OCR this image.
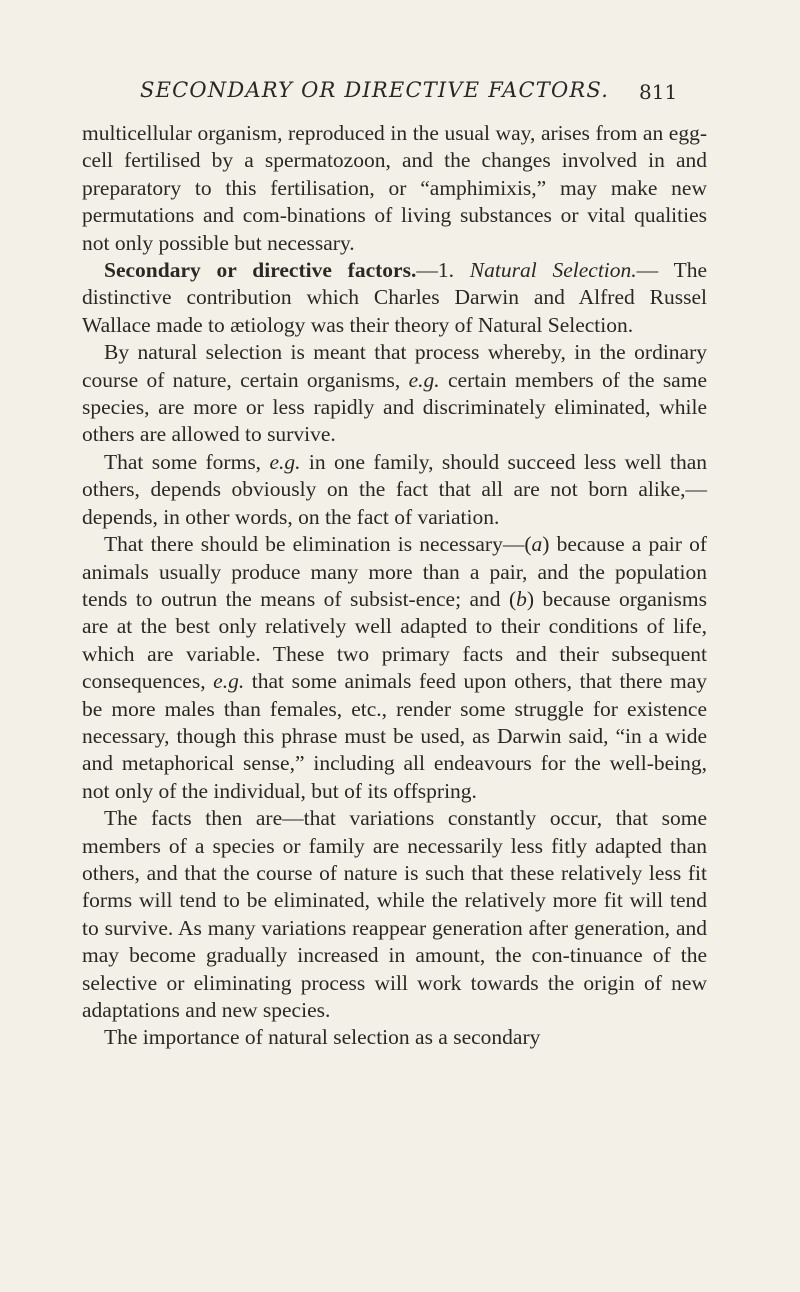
SECONDARY OR DIRECTIVE FACTORS. 811

multicellular organism, reproduced in the usual way, arises from an egg-cell fertilised by a spermatozoon, and the changes involved in and preparatory to this fertilisation, or “amphimixis,” may make new permutations and com-binations of living substances or vital qualities not only possible but necessary.

Secondary or directive factors.—1. Natural Selection.— The distinctive contribution which Charles Darwin and Alfred Russel Wallace made to ætiology was their theory of Natural Selection.

By natural selection is meant that process whereby, in the ordinary course of nature, certain organisms, e.g. certain members of the same species, are more or less rapidly and discriminately eliminated, while others are allowed to survive.

That some forms, e.g. in one family, should succeed less well than others, depends obviously on the fact that all are not born alike,—depends, in other words, on the fact of variation.

That there should be elimination is necessary—(a) because a pair of animals usually produce many more than a pair, and the population tends to outrun the means of subsist-ence; and (b) because organisms are at the best only relatively well adapted to their conditions of life, which are variable. These two primary facts and their subsequent consequences, e.g. that some animals feed upon others, that there may be more males than females, etc., render some struggle for existence necessary, though this phrase must be used, as Darwin said, “in a wide and metaphorical sense,” including all endeavours for the well-being, not only of the individual, but of its offspring.

The facts then are—that variations constantly occur, that some members of a species or family are necessarily less fitly adapted than others, and that the course of nature is such that these relatively less fit forms will tend to be eliminated, while the relatively more fit will tend to survive. As many variations reappear generation after generation, and may become gradually increased in amount, the con-tinuance of the selective or eliminating process will work towards the origin of new adaptations and new species.

The importance of natural selection as a secondary
